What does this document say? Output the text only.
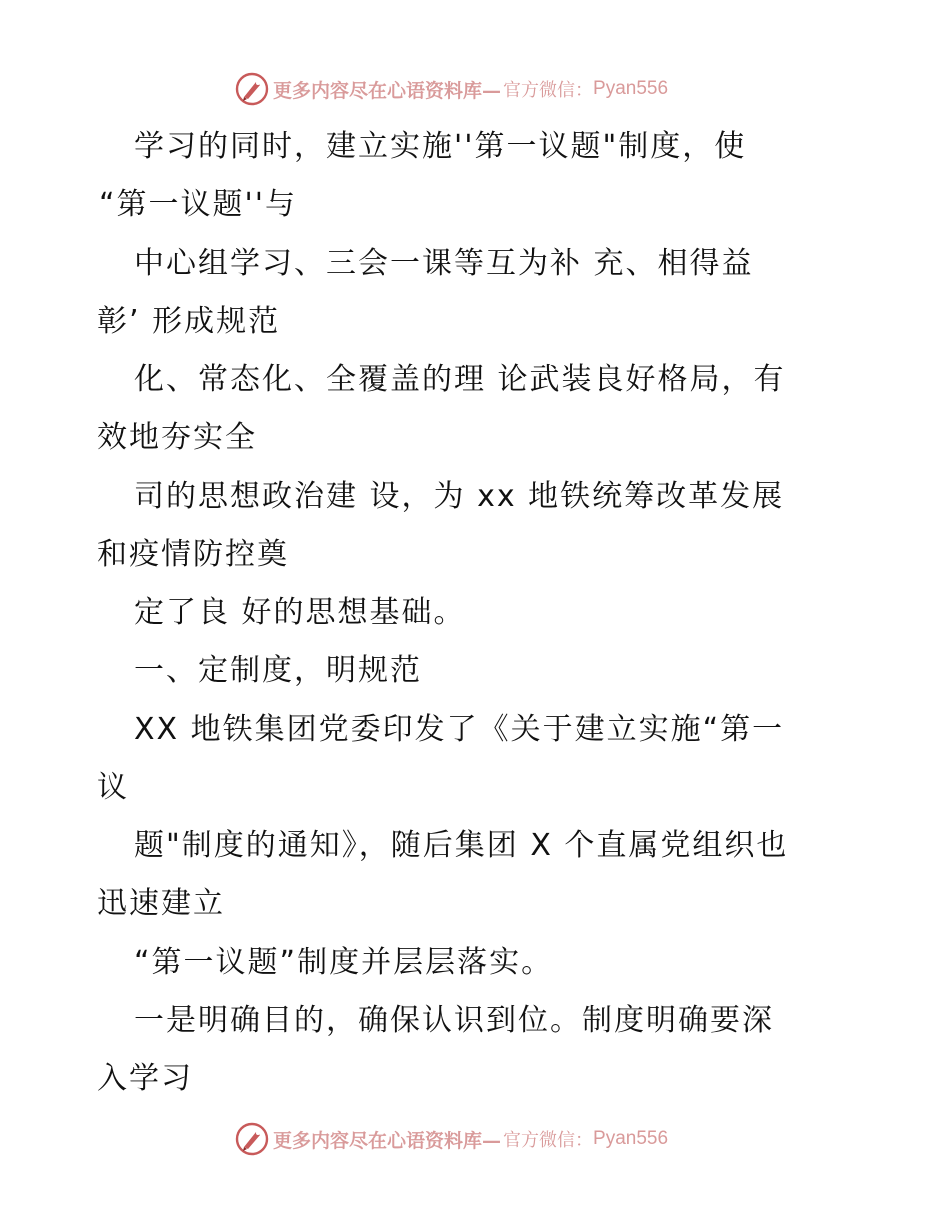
更多内容尽在心语资料库— 官方微信： Pyan556
学习的同时，建立实施''第一议题"制度，使
“第一议题''与
中心组学习、三会一课等互为补 充、相得益
彰’ 形成规范
化、常态化、全覆盖的理 论武装良好格局，有
效地夯实全
司的思想政治建 设，为 xx 地铁统筹改革发展
和疫情防控奠
定了良 好的思想基础。
一、定制度，明规范
XX 地铁集团党委印发了《关于建立实施“第一
议
题"制度的通知》，随后集团 X 个直属党组织也
迅速建立
“第一议题”制度并层层落实。
一是明确目的，确保认识到位。制度明确要深
入学习
更多内容尽在心语资料库— 官方微信： Pyan556
